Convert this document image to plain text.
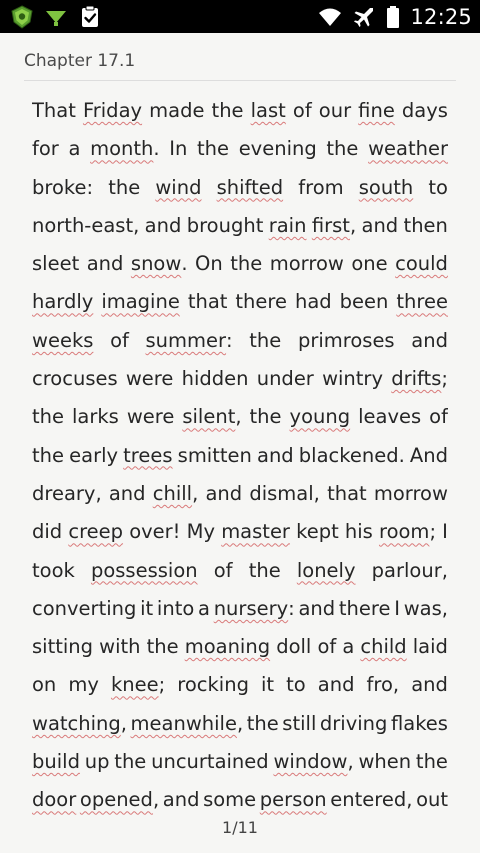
12:25
Chapter 17.1
That Friday made the last of our fine days
for a month. In the evening the weather
broke: the wind shifted from south to
north-east, and brought rain first, and then
sleet and snow. On the morrow one could
hardly imagine that there had been three
weeks of summer: the primroses and
crocuses were hidden under wintry drifts;
the larks were silent, the young leaves of
the early trees smitten and blackened. And
dreary, and chill, and dismal, that morrow
did creep over! My master kept his room; I
took possession of the lonely parlour,
converting it into a nursery: and there I was,
sitting with the moaning doll of a child laid
on my knee; rocking it to and fro, and
watching, meanwhile, the still driving flakes
build up the uncurtained window, when the
door opened, and some person entered, out
1/11
